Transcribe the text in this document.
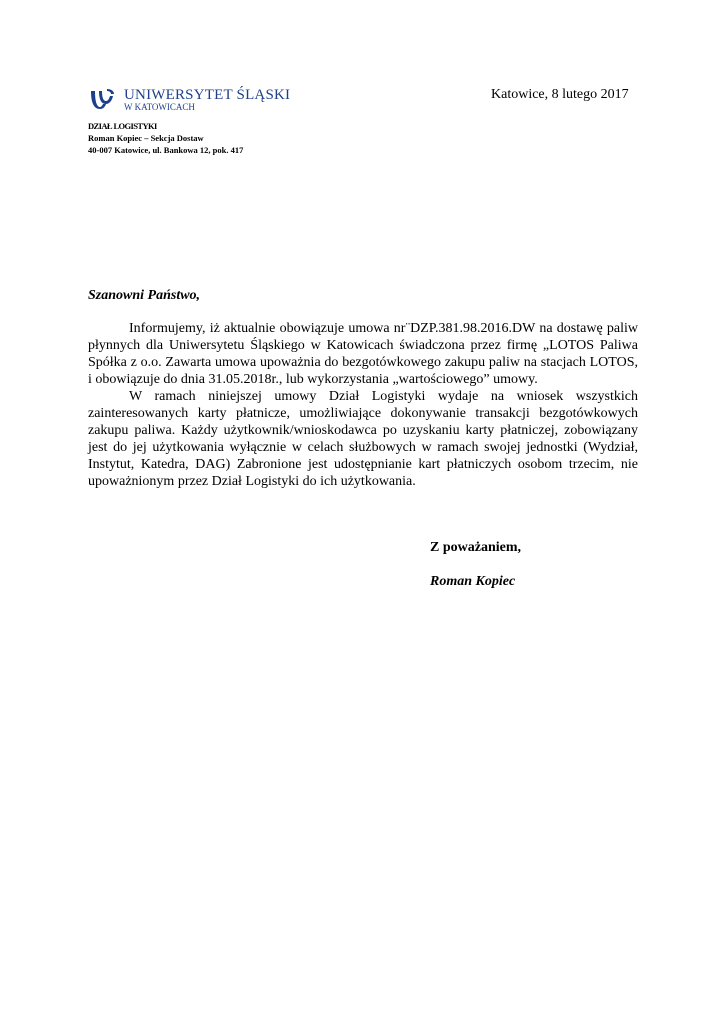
UNIWERSYTET ŚLĄSKI
W KATOWICACH
DZIAŁ LOGISTYKI
Roman Kopiec – Sekcja Dostaw
40-007 Katowice, ul. Bankowa 12, pok. 417
Katowice, 8 lutego 2017
Szanowni Państwo,

Informujemy, iż aktualnie obowiązuje umowa nr¨DZP.381.98.2016.DW na dostawę paliw płynnych dla Uniwersytetu Śląskiego w Katowicach świadczona przez firmę „LOTOS Paliwa Spółka z o.o. Zawarta umowa upoważnia do bezgotówkowego zakupu paliw na stacjach LOTOS, i obowiązuje do dnia 31.05.2018r., lub wykorzystania „wartościowego” umowy.

W ramach niniejszej umowy Dział Logistyki wydaje na wniosek wszystkich zainteresowanych karty płatnicze, umożliwiające dokonywanie transakcji bezgotówkowych zakupu paliwa. Każdy użytkownik/wnioskodawca po uzyskaniu karty płatniczej, zobowiązany jest do jej użytkowania wyłącznie w celach służbowych w ramach swojej jednostki (Wydział, Instytut, Katedra, DAG) Zabronione jest udostępnianie kart płatniczych osobom trzecim, nie upoważnionym przez Dział Logistyki do ich użytkowania.

Z poważaniem,
Roman Kopiec
